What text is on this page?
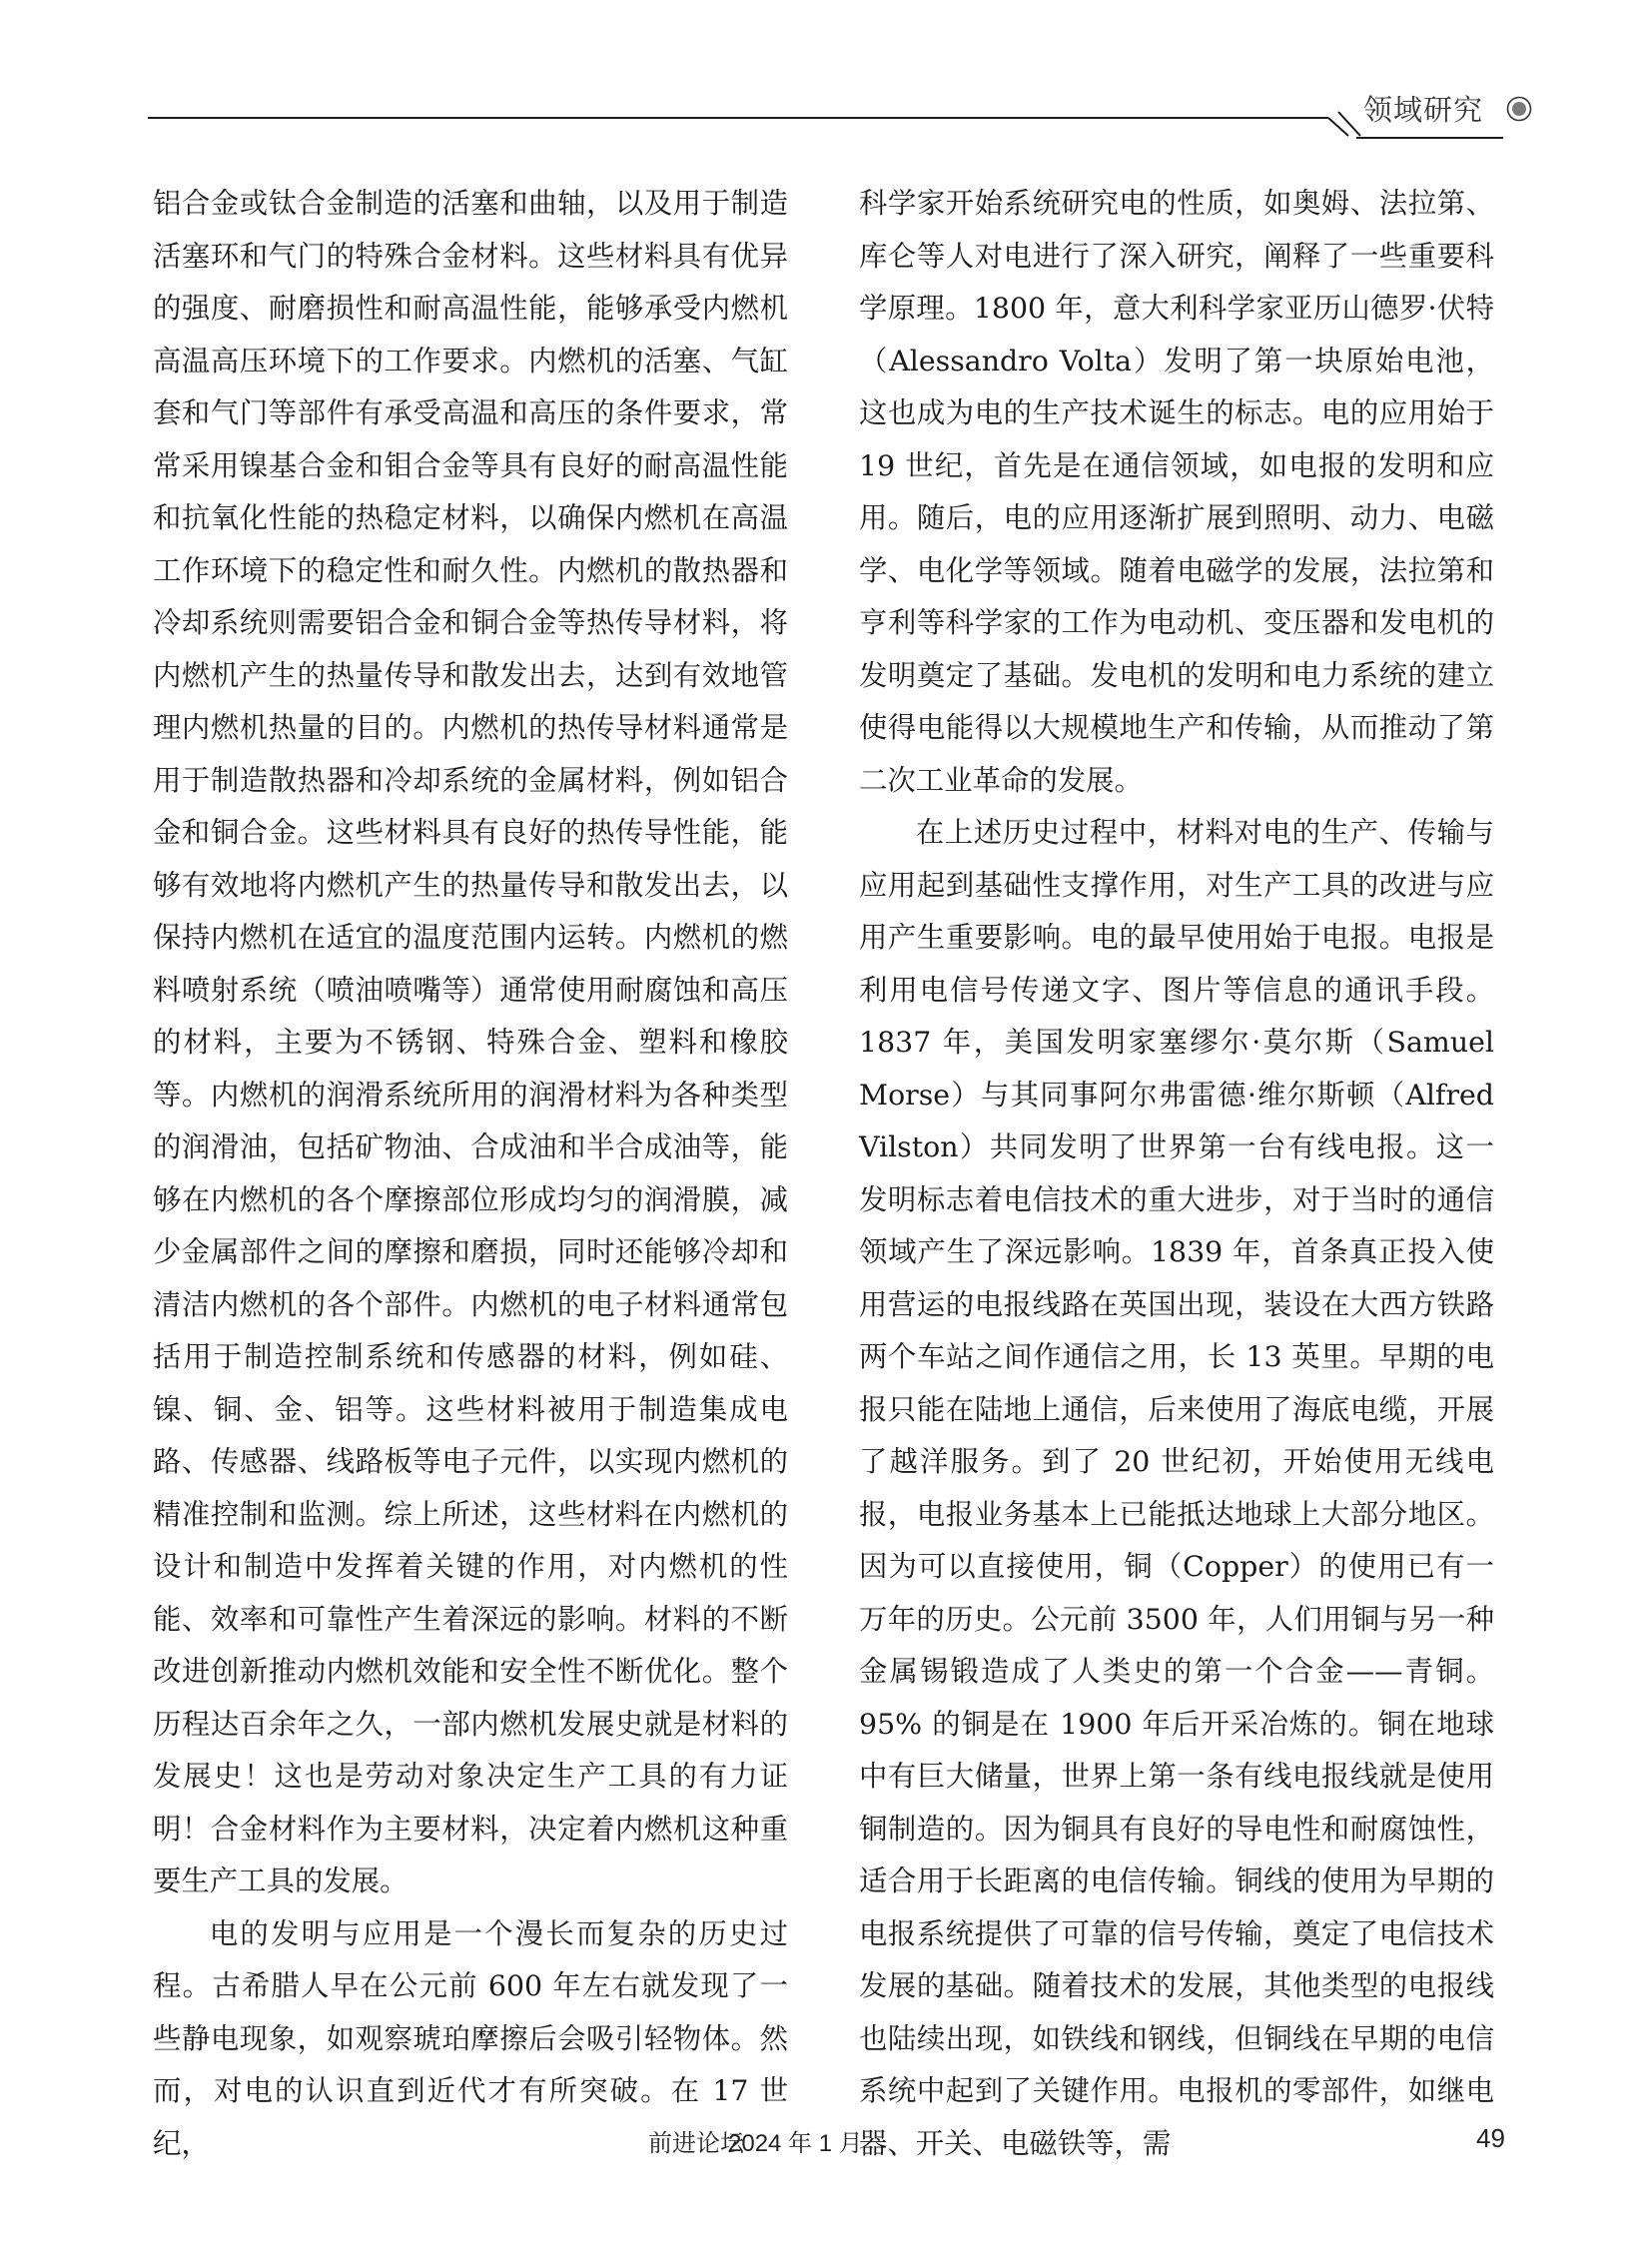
领域研究

铝合金或钛合金制造的活塞和曲轴，以及用于制造活塞环和气门的特殊合金材料。这些材料具有优异的强度、耐磨损性和耐高温性能，能够承受内燃机高温高压环境下的工作要求。内燃机的活塞、气缸套和气门等部件有承受高温和高压的条件要求，常常采用镍基合金和钼合金等具有良好的耐高温性能和抗氧化性能的热稳定材料，以确保内燃机在高温工作环境下的稳定性和耐久性。内燃机的散热器和冷却系统则需要铝合金和铜合金等热传导材料，将内燃机产生的热量传导和散发出去，达到有效地管理内燃机热量的目的。内燃机的热传导材料通常是用于制造散热器和冷却系统的金属材料，例如铝合金和铜合金。这些材料具有良好的热传导性能，能够有效地将内燃机产生的热量传导和散发出去，以保持内燃机在适宜的温度范围内运转。内燃机的燃料喷射系统（喷油喷嘴等）通常使用耐腐蚀和高压的材料，主要为不锈钢、特殊合金、塑料和橡胶等。内燃机的润滑系统所用的润滑材料为各种类型的润滑油，包括矿物油、合成油和半合成油等，能够在内燃机的各个摩擦部位形成均匀的润滑膜，减少金属部件之间的摩擦和磨损，同时还能够冷却和清洁内燃机的各个部件。内燃机的电子材料通常包括用于制造控制系统和传感器的材料，例如硅、镍、铜、金、铝等。这些材料被用于制造集成电路、传感器、线路板等电子元件，以实现内燃机的精准控制和监测。综上所述，这些材料在内燃机的设计和制造中发挥着关键的作用，对内燃机的性能、效率和可靠性产生着深远的影响。材料的不断改进创新推动内燃机效能和安全性不断优化。整个历程达百余年之久，一部内燃机发展史就是材料的发展史！这也是劳动对象决定生产工具的有力证明！合金材料作为主要材料，决定着内燃机这种重要生产工具的发展。

电的发明与应用是一个漫长而复杂的历史过程。古希腊人早在公元前 600 年左右就发现了一些静电现象，如观察琥珀摩擦后会吸引轻物体。然而，对电的认识直到近代才有所突破。在 17 世纪，

科学家开始系统研究电的性质，如奥姆、法拉第、库仑等人对电进行了深入研究，阐释了一些重要科学原理。1800 年，意大利科学家亚历山德罗·伏特（Alessandro Volta）发明了第一块原始电池，这也成为电的生产技术诞生的标志。电的应用始于 19 世纪，首先是在通信领域，如电报的发明和应用。随后，电的应用逐渐扩展到照明、动力、电磁学、电化学等领域。随着电磁学的发展，法拉第和亨利等科学家的工作为电动机、变压器和发电机的发明奠定了基础。发电机的发明和电力系统的建立使得电能得以大规模地生产和传输，从而推动了第二次工业革命的发展。

在上述历史过程中，材料对电的生产、传输与应用起到基础性支撑作用，对生产工具的改进与应用产生重要影响。电的最早使用始于电报。电报是利用电信号传递文字、图片等信息的通讯手段。1837 年，美国发明家塞缪尔·莫尔斯（Samuel Morse）与其同事阿尔弗雷德·维尔斯顿（Alfred Vilston）共同发明了世界第一台有线电报。这一发明标志着电信技术的重大进步，对于当时的通信领域产生了深远影响。1839 年，首条真正投入使用营运的电报线路在英国出现，装设在大西方铁路两个车站之间作通信之用，长 13 英里。早期的电报只能在陆地上通信，后来使用了海底电缆，开展了越洋服务。到了 20 世纪初，开始使用无线电报，电报业务基本上已能抵达地球上大部分地区。因为可以直接使用，铜（Copper）的使用已有一万年的历史。公元前 3500 年，人们用铜与另一种金属锡锻造成了人类史的第一个合金——青铜。95% 的铜是在 1900 年后开采冶炼的。铜在地球中有巨大储量，世界上第一条有线电报线就是使用铜制造的。因为铜具有良好的导电性和耐腐蚀性，适合用于长距离的电信传输。铜线的使用为早期的电报系统提供了可靠的信号传输，奠定了电信技术发展的基础。随着技术的发展，其他类型的电报线也陆续出现，如铁线和钢线，但铜线在早期的电信系统中起到了关键作用。电报机的零部件，如继电器、开关、电磁铁等，需

前进论坛
2024 年 1 月	49
